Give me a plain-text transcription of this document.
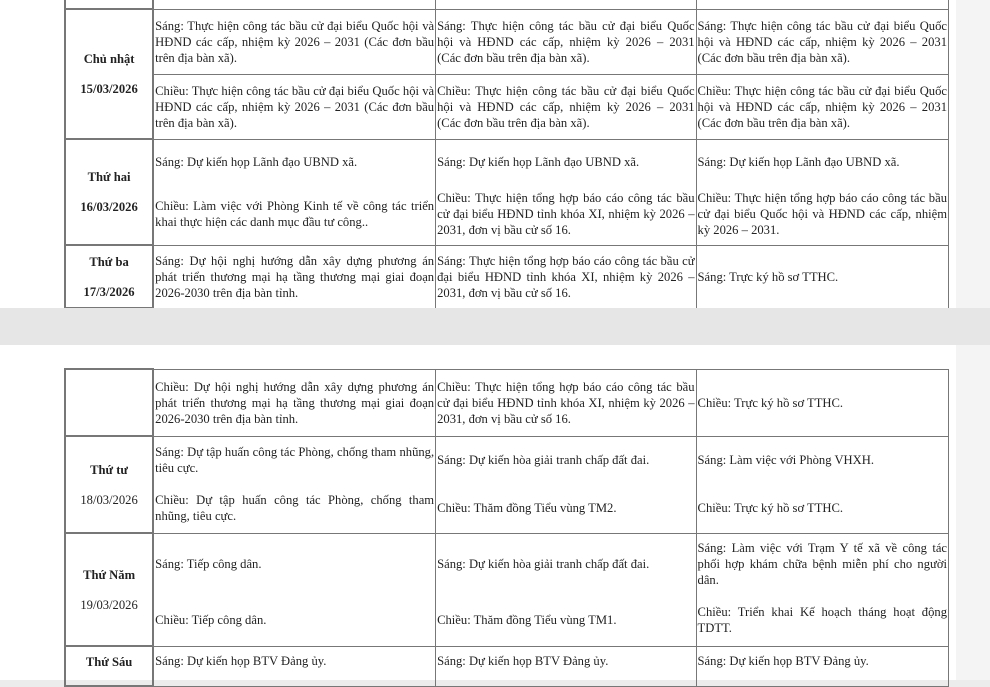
Chủ nhật
15/03/2026	Sáng: Thực hiện công tác bầu cử đại biểu Quốc hội và HĐND các cấp, nhiệm kỳ 2026 – 2031 (Các đơn bầu trên địa bàn xã).	Sáng: Thực hiện công tác bầu cử đại biểu Quốc hội và HĐND các cấp, nhiệm kỳ 2026 – 2031 (Các đơn bầu trên địa bàn xã).	Sáng: Thực hiện công tác bầu cử đại biểu Quốc hội và HĐND các cấp, nhiệm kỳ 2026 – 2031 (Các đơn bầu trên địa bàn xã).
	Chiều: Thực hiện công tác bầu cử đại biểu Quốc hội và HĐND các cấp, nhiệm kỳ 2026 – 2031 (Các đơn bầu trên địa bàn xã).	Chiều: Thực hiện công tác bầu cử đại biểu Quốc hội và HĐND các cấp, nhiệm kỳ 2026 – 2031 (Các đơn bầu trên địa bàn xã).	Chiều: Thực hiện công tác bầu cử đại biểu Quốc hội và HĐND các cấp, nhiệm kỳ 2026 – 2031 (Các đơn bầu trên địa bàn xã).
Thứ hai
16/03/2026	Sáng: Dự kiến họp Lãnh đạo UBND xã.	Sáng: Dự kiến họp Lãnh đạo UBND xã.	Sáng: Dự kiến họp Lãnh đạo UBND xã.
	Chiều: Làm việc với Phòng Kinh tế về công tác triển khai thực hiện các danh mục đầu tư công..	Chiều: Thực hiện tổng hợp báo cáo công tác bầu cử đại biểu HĐND tỉnh khóa XI, nhiệm kỳ 2026 – 2031, đơn vị bầu cử số 16.	Chiều: Thực hiện tổng hợp báo cáo công tác bầu cử đại biểu Quốc hội và HĐND các cấp, nhiệm kỳ 2026 – 2031.
Thứ ba
17/3/2026	Sáng: Dự hội nghị hướng dẫn xây dựng phương án phát triển thương mại hạ tầng thương mại giai đoạn 2026-2030 trên địa bàn tỉnh.	Sáng: Thực hiện tổng hợp báo cáo công tác bầu cử đại biểu HĐND tỉnh khóa XI, nhiệm kỳ 2026 – 2031, đơn vị bầu cử số 16.	Sáng: Trực ký hồ sơ TTHC.
	Chiều: Dự hội nghị hướng dẫn xây dựng phương án phát triển thương mại hạ tầng thương mại giai đoạn 2026-2030 trên địa bàn tỉnh.	Chiều: Thực hiện tổng hợp báo cáo công tác bầu cử đại biểu HĐND tỉnh khóa XI, nhiệm kỳ 2026 – 2031, đơn vị bầu cử số 16.	Chiều: Trực ký hồ sơ TTHC.
Thứ tư
18/03/2026	Sáng: Dự tập huấn công tác Phòng, chống tham nhũng, tiêu cực.	Sáng: Dự kiến hòa giải tranh chấp đất đai.	Sáng: Làm việc với Phòng VHXH.
	Chiều: Dự tập huấn công tác Phòng, chống tham nhũng, tiêu cực.	Chiều: Thăm đồng Tiểu vùng TM2.	Chiều: Trực ký hồ sơ TTHC.
Thứ Năm
19/03/2026	Sáng: Tiếp công dân.	Sáng: Dự kiến hòa giải tranh chấp đất đai.	Sáng: Làm việc với Trạm Y tế xã về công tác phối hợp khám chữa bệnh miễn phí cho người dân.
	Chiều: Tiếp công dân.	Chiều: Thăm đồng Tiểu vùng TM1.	Chiều: Triển khai Kế hoạch tháng hoạt động TDTT.
Thứ Sáu	Sáng: Dự kiến họp BTV Đảng ủy.	Sáng: Dự kiến họp BTV Đảng ủy.	Sáng: Dự kiến họp BTV Đảng ủy.
